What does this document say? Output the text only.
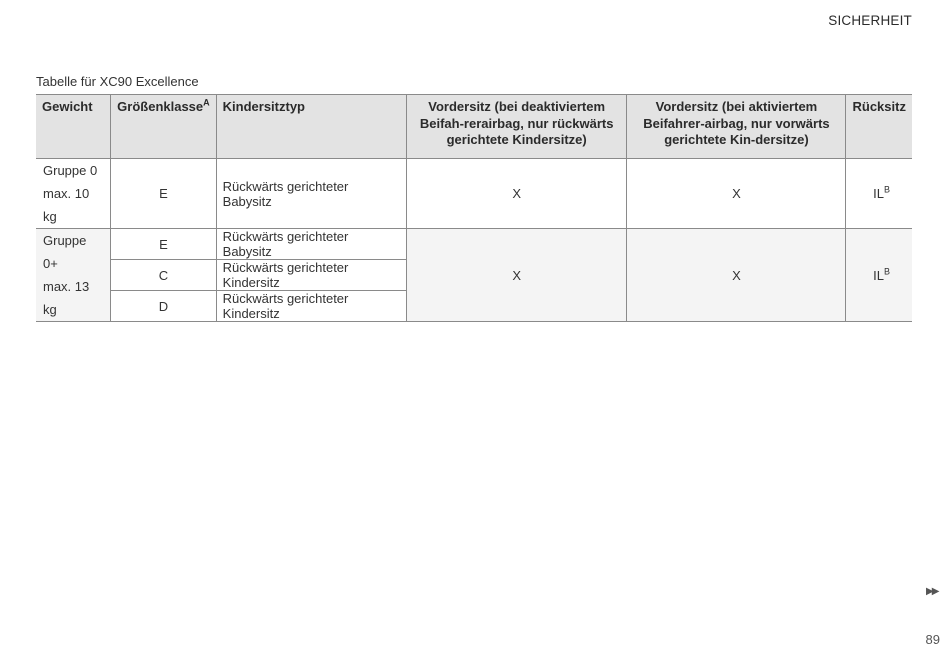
SICHERHEIT
Tabelle für XC90 Excellence
Gewicht	Größenklasse$^A$	Kindersitztyp	Vordersitz (bei deaktiviertem Beifah-rerairbag, nur rückwärts gerichtete Kindersitze)	Vordersitz (bei aktiviertem Beifahrer-airbag, nur vorwärts gerichtete Kin-dersitze)	Rücksitz

Gruppe 0
max. 10 kg	E	Rückwärts gerichteter Babysitz	X	X	$IL^B$

Gruppe 0+
max. 13 kg	E	Rückwärts gerichteter Babysitz	X	X	$IL^B$
	C	Rückwärts gerichteter Kindersitz			
	D	Rückwärts gerichteter Kindersitz			
▶▶
89
